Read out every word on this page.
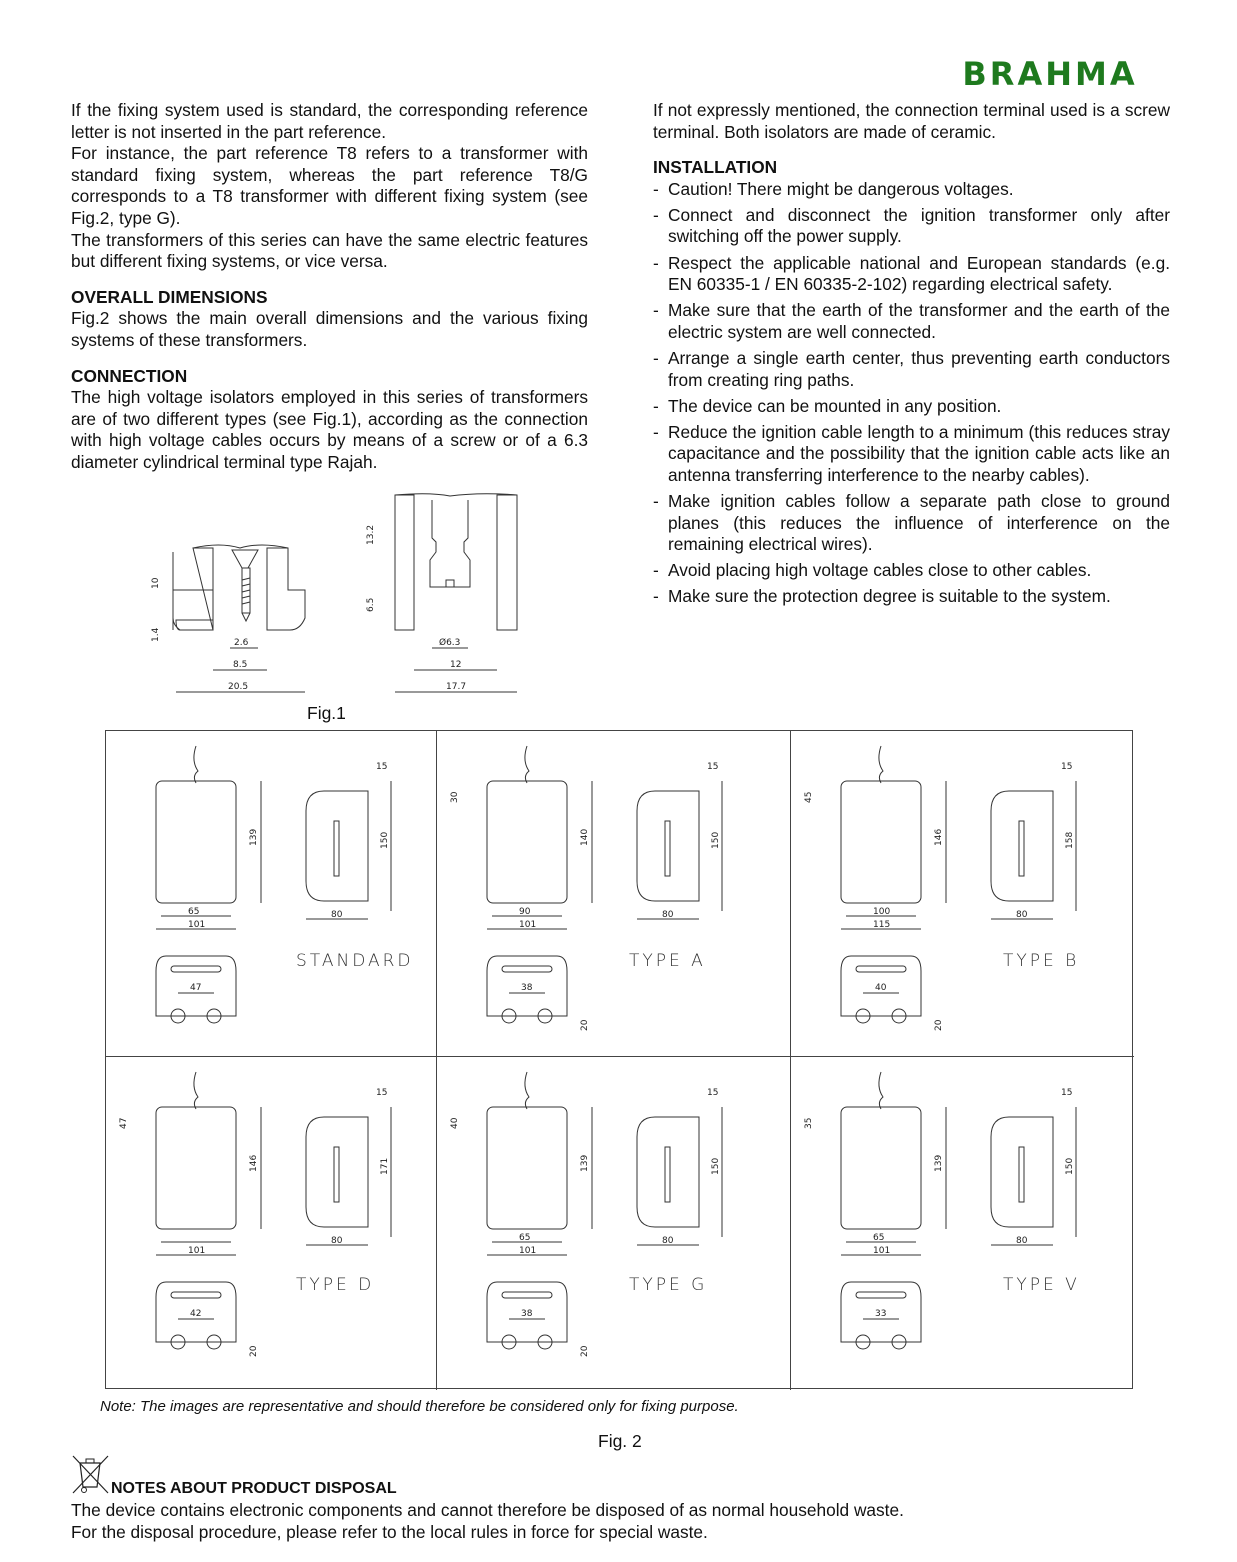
BRAHMA

If the fixing system used is standard, the corresponding reference letter is not inserted in the part reference.

For instance, the part reference T8 refers to a transformer with standard fixing system, whereas the part reference T8/G corresponds to a T8 transformer with different fixing system (see Fig.2, type G).

The transformers of this series can have the same electric features but different fixing systems, or vice versa.

OVERALL DIMENSIONS

Fig.2 shows the main overall dimensions and the various fixing systems of these transformers.

CONNECTION

The high voltage isolators employed in this series of transformers are of two different types (see Fig.1), according as the connection with high voltage cables occurs by means of a screw or of a 6.3 diameter cylindrical terminal type Rajah.

If not expressly mentioned, the connection terminal used is a screw terminal. Both isolators are made of ceramic.

INSTALLATION

- Caution! There might be dangerous voltages.
- Connect and disconnect the ignition transformer only after switching off the power supply.
- Respect the applicable national and European standards (e.g. EN 60335-1 / EN 60335-2-102) regarding electrical safety.
- Make sure that the earth of the transformer and the earth of the electric system are well connected.
- Arrange a single earth center, thus preventing earth conductors from creating ring paths.
- The device can be mounted in any position.
- Reduce the ignition cable length to a minimum (this reduces stray capacitance and the possibility that the ignition cable acts like an antenna transferring interference to the nearby cables).
- Make ignition cables follow a separate path close to ground planes (this reduces the influence of interference on the remaining electrical wires).
- Avoid placing high voltage cables close to other cables.
- Make sure the protection degree is suitable to the system.
10
1.4
2.6
8.5
20.5
13.2
6.5
Ø6.3
12
17.7
Fig.1
139
65
101
150
80
15
47
STANDARD
140
90
101
150
80
15
38
30
20
TYPE A
146
100
115
158
80
15
40
45
20
TYPE B
146
101
171
80
15
42
47
20
TYPE D
139
65
101
150
80
15
38
40
20
TYPE G
139
65
101
150
80
15
33
35
TYPE V
Note: The images are representative and should therefore be considered only for fixing purpose.
Fig. 2
NOTES ABOUT PRODUCT DISPOSAL
The device contains electronic components and cannot therefore be disposed of as normal household waste.
For the disposal procedure, please refer to the local rules in force for special waste.
